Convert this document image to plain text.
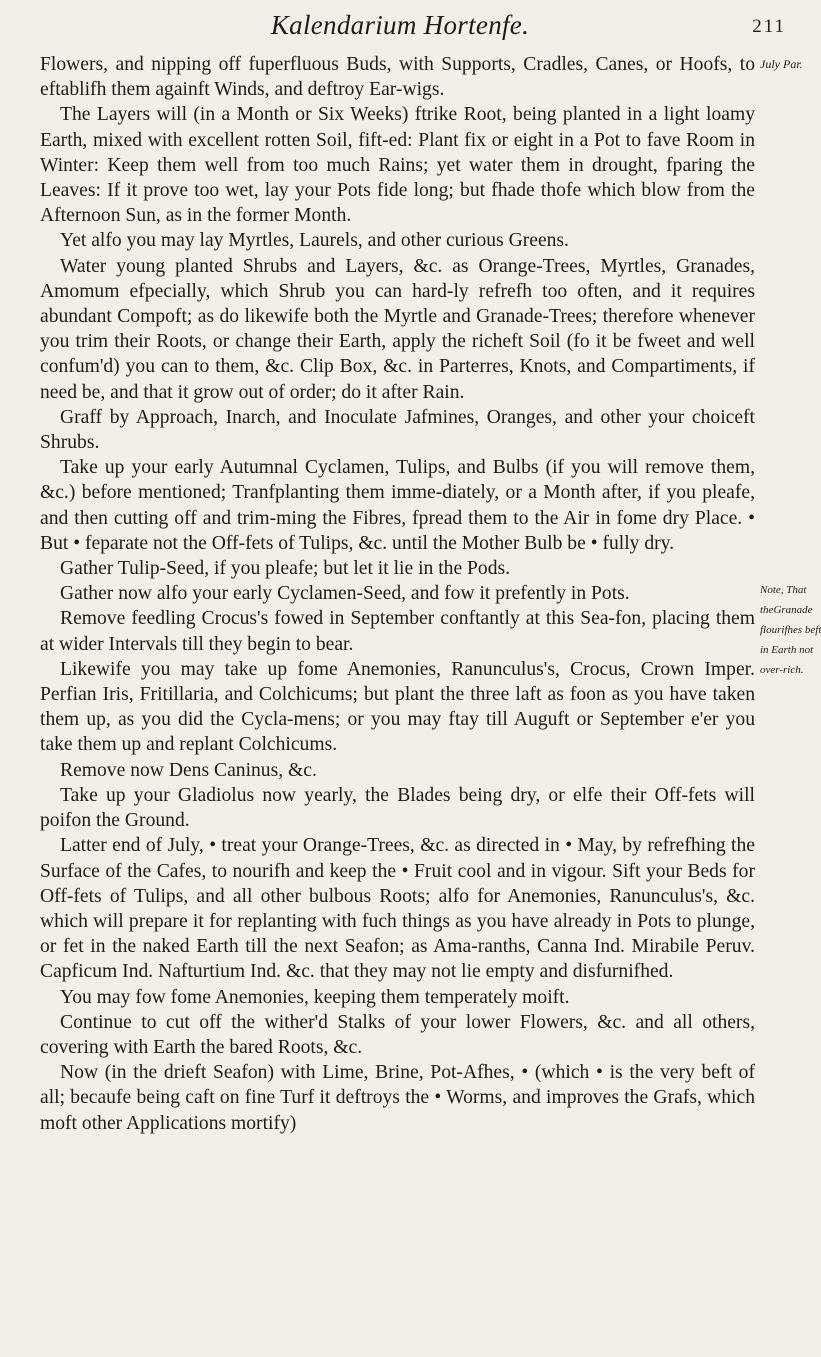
Kalendarium Hortenfe.	211

Flowers, and nipping off fuperfluous Buds, with Supports, Cradles, Canes, or Hoofs, to eftablifh them againft Winds, and deftroy Ear-wigs.

The Layers will (in a Month or Six Weeks) ftrike Root, being planted in a light loamy Earth, mixed with excellent rotten Soil, fift-ed: Plant fix or eight in a Pot to fave Room in Winter: Keep them well from too much Rains; yet water them in drought, fparing the Leaves: If it prove too wet, lay your Pots fide long; but fhade thofe which blow from the Afternoon Sun, as in the former Month.

Yet alfo you may lay Myrtles, Laurels, and other curious Greens.

Water young planted Shrubs and Layers, &c. as Orange-Trees, Myrtles, Granades, Amomum efpecially, which Shrub you can hard-ly refrefh too often, and it requires abundant Compoft; as do likewife both the Myrtle and Granade-Trees; therefore whenever you trim their Roots, or change their Earth, apply the richeft Soil (fo it be fweet and well confum'd) you can to them, &c. Clip Box, &c. in Parterres, Knots, and Compartiments, if need be, and that it grow out of order; do it after Rain.

Graff by Approach, Inarch, and Inoculate Jafmines, Oranges, and other your choiceft Shrubs.

Take up your early Autumnal Cyclamen, Tulips, and Bulbs (if you will remove them, &c.) before mentioned; Tranfplanting them imme-diately, or a Month after, if you pleafe, and then cutting off and trim-ming the Fibres, fpread them to the Air in fome dry Place. • But • feparate not the Off-fets of Tulips, &c. until the Mother Bulb be • fully dry.

Gather Tulip-Seed, if you pleafe; but let it lie in the Pods.

Gather now alfo your early Cyclamen-Seed, and fow it prefently in Pots.

Remove feedling Crocus's fowed in September conftantly at this Sea-fon, placing them at wider Intervals till they begin to bear.

Likewife you may take up fome Anemonies, Ranunculus's, Crocus, Crown Imper. Perfian Iris, Fritillaria, and Colchicums; but plant the three laft as foon as you have taken them up, as you did the Cycla-mens; or you may ftay till Auguft or September e'er you take them up and replant Colchicums.

Remove now Dens Caninus, &c.

Take up your Gladiolus now yearly, the Blades being dry, or elfe their Off-fets will poifon the Ground.

Latter end of July, • treat your Orange-Trees, &c. as directed in • May, by refrefhing the Surface of the Cafes, to nourifh and keep the • Fruit cool and in vigour. Sift your Beds for Off-fets of Tulips, and all other bulbous Roots; alfo for Anemonies, Ranunculus's, &c. which will prepare it for replanting with fuch things as you have already in Pots to plunge, or fet in the naked Earth till the next Seafon; as Ama-ranths, Canna Ind. Mirabile Peruv. Capficum Ind. Nafturtium Ind. &c. that they may not lie empty and disfurnifhed.

You may fow fome Anemonies, keeping them temperately moift.

Continue to cut off the wither'd Stalks of your lower Flowers, &c. and all others, covering with Earth the bared Roots, &c.

Now (in the drieft Seafon) with Lime, Brine, Pot-Afhes, • (which • is the very beft of all; becaufe being caft on fine Turf it deftroys the • Worms, and improves the Grafs, which moft other Applications mortify)

July Par.
Note, That
theGranade
flourifhes beft
in Earth not
over-rich.
